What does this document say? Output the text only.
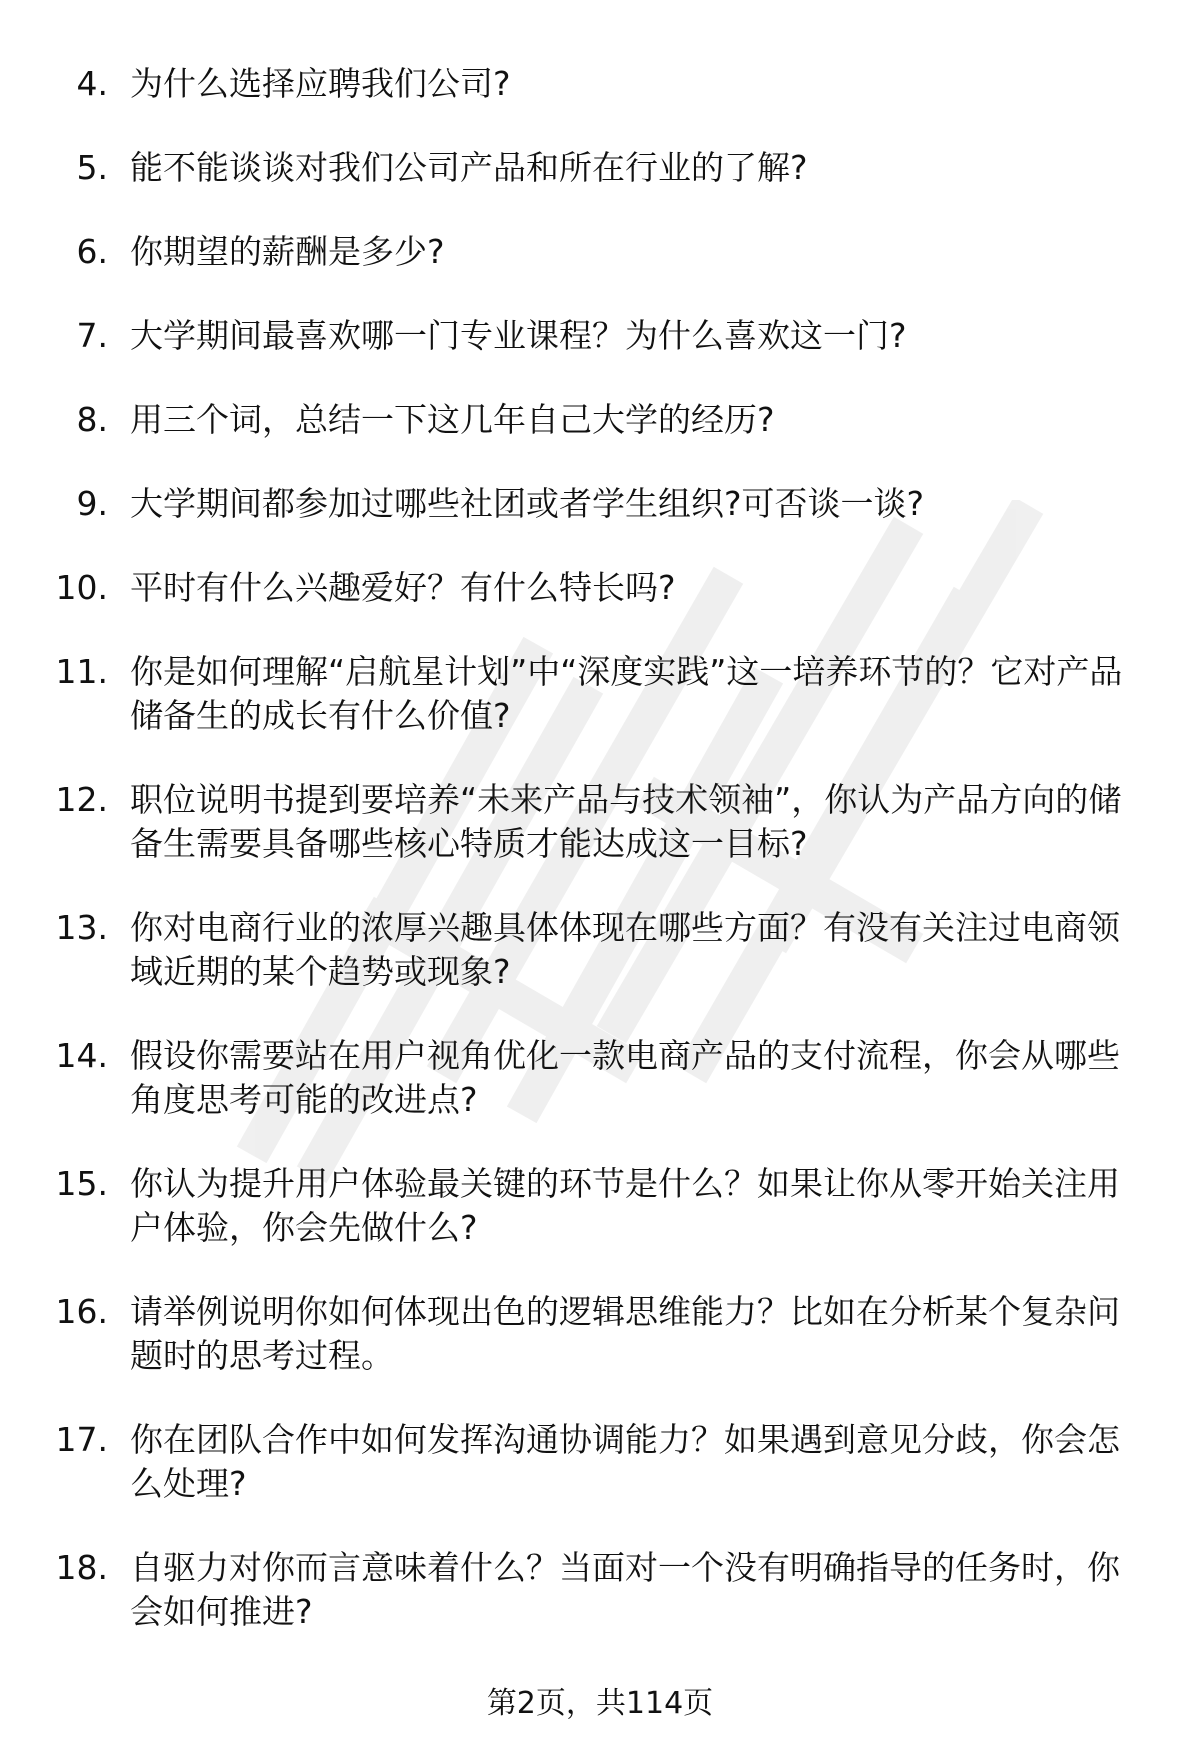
4. 为什么选择应聘我们公司?
5. 能不能谈谈对我们公司产品和所在行业的了解?
6. 你期望的薪酬是多少?
7. 大学期间最喜欢哪一门专业课程？为什么喜欢这一门?
8. 用三个词，总结一下这几年自己大学的经历?
9. 大学期间都参加过哪些社团或者学生组织?可否谈一谈?
10. 平时有什么兴趣爱好？有什么特长吗?
11. 你是如何理解“启航星计划”中“深度实践”这一培养环节的？它对产品储备生的成长有什么价值?
12. 职位说明书提到要培养“未来产品与技术领袖”，你认为产品方向的储备生需要具备哪些核心特质才能达成这一目标?
13. 你对电商行业的浓厚兴趣具体体现在哪些方面？有没有关注过电商领域近期的某个趋势或现象?
14. 假设你需要站在用户视角优化一款电商产品的支付流程，你会从哪些角度思考可能的改进点?
15. 你认为提升用户体验最关键的环节是什么？如果让你从零开始关注用户体验，你会先做什么?
16. 请举例说明你如何体现出色的逻辑思维能力？比如在分析某个复杂问题时的思考过程。
17. 你在团队合作中如何发挥沟通协调能力？如果遇到意见分歧，你会怎么处理?
18. 自驱力对你而言意味着什么？当面对一个没有明确指导的任务时，你会如何推进?
第2页，共114页
